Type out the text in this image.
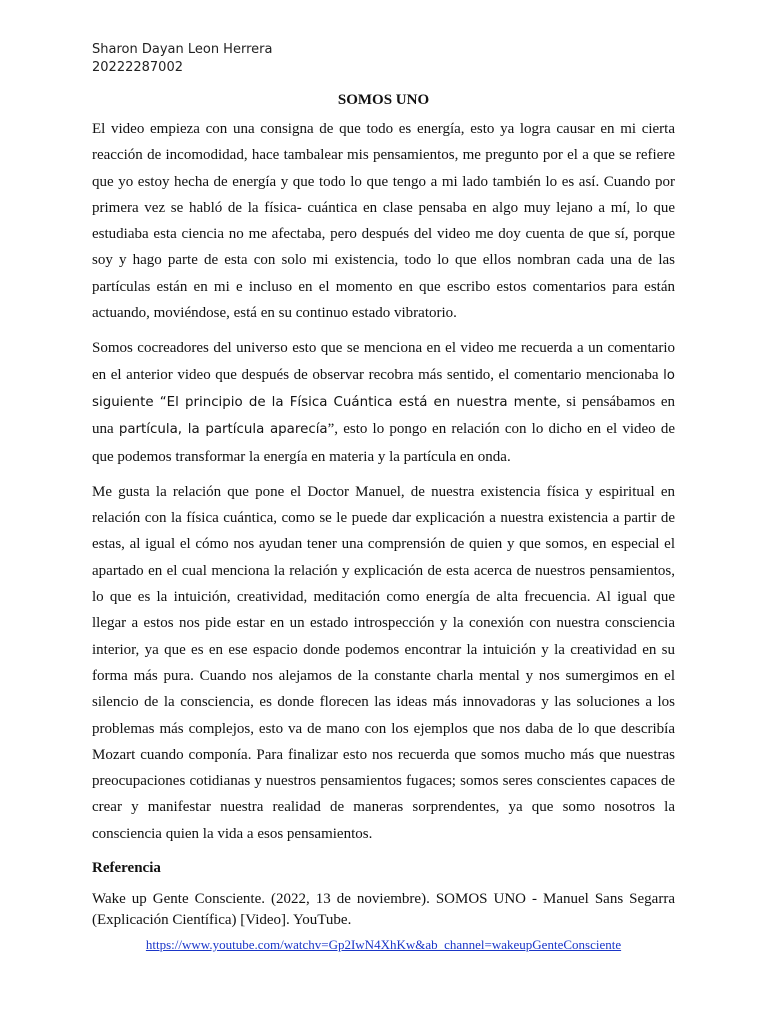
Sharon Dayan Leon Herrera
20222287002
SOMOS UNO

El video empieza con una consigna de que todo es energía, esto ya logra causar en mi cierta reacción de incomodidad, hace tambalear mis pensamientos, me pregunto por el a que se refiere que yo estoy hecha de energía y que todo lo que tengo a mi lado también lo es así. Cuando por primera vez se habló de la física- cuántica en clase pensaba en algo muy lejano a mí, lo que estudiaba esta ciencia no me afectaba, pero después del video me doy cuenta de que sí, porque soy y hago parte de esta con solo mi existencia, todo lo que ellos nombran cada una de las partículas están en mi e incluso en el momento en que escribo estos comentarios para están actuando, moviéndose, está en su continuo estado vibratorio.

Somos cocreadores del universo esto que se menciona en el video me recuerda a un comentario en el anterior video que después de observar recobra más sentido, el comentario mencionaba lo siguiente “El principio de la Física Cuántica está en nuestra mente, si pensábamos en una partícula, la partícula aparecía”, esto lo pongo en relación con lo dicho en el video de que podemos transformar la energía en materia y la partícula en onda.

Me gusta la relación que pone el Doctor Manuel, de nuestra existencia física y espiritual en relación con la física cuántica, como se le puede dar explicación a nuestra existencia a partir de estas, al igual el cómo nos ayudan tener una comprensión de quien y que somos, en especial el apartado en el cual menciona la relación y explicación de esta acerca de nuestros pensamientos, lo que es la intuición, creatividad, meditación como energía de alta frecuencia. Al igual que llegar a estos nos pide estar en un estado introspección y la conexión con nuestra consciencia interior, ya que es en ese espacio donde podemos encontrar la intuición y la creatividad en su forma más pura. Cuando nos alejamos de la constante charla mental y nos sumergimos en el silencio de la consciencia, es donde florecen las ideas más innovadoras y las soluciones a los problemas más complejos, esto va de mano con los ejemplos que nos daba de lo que describía Mozart cuando componía. Para finalizar esto nos recuerda que somos mucho más que nuestras preocupaciones cotidianas y nuestros pensamientos fugaces; somos seres conscientes capaces de crear y manifestar nuestra realidad de maneras sorprendentes, ya que somo nosotros la consciencia quien la vida a esos pensamientos.

Referencia

Wake up Gente Consciente. (2022, 13 de noviembre). SOMOS UNO - Manuel Sans Segarra (Explicación Científica) [Video]. YouTube.

https://www.youtube.com/watchv=Gp2IwN4XhKw&ab_channel=wakeupGenteConsciente
